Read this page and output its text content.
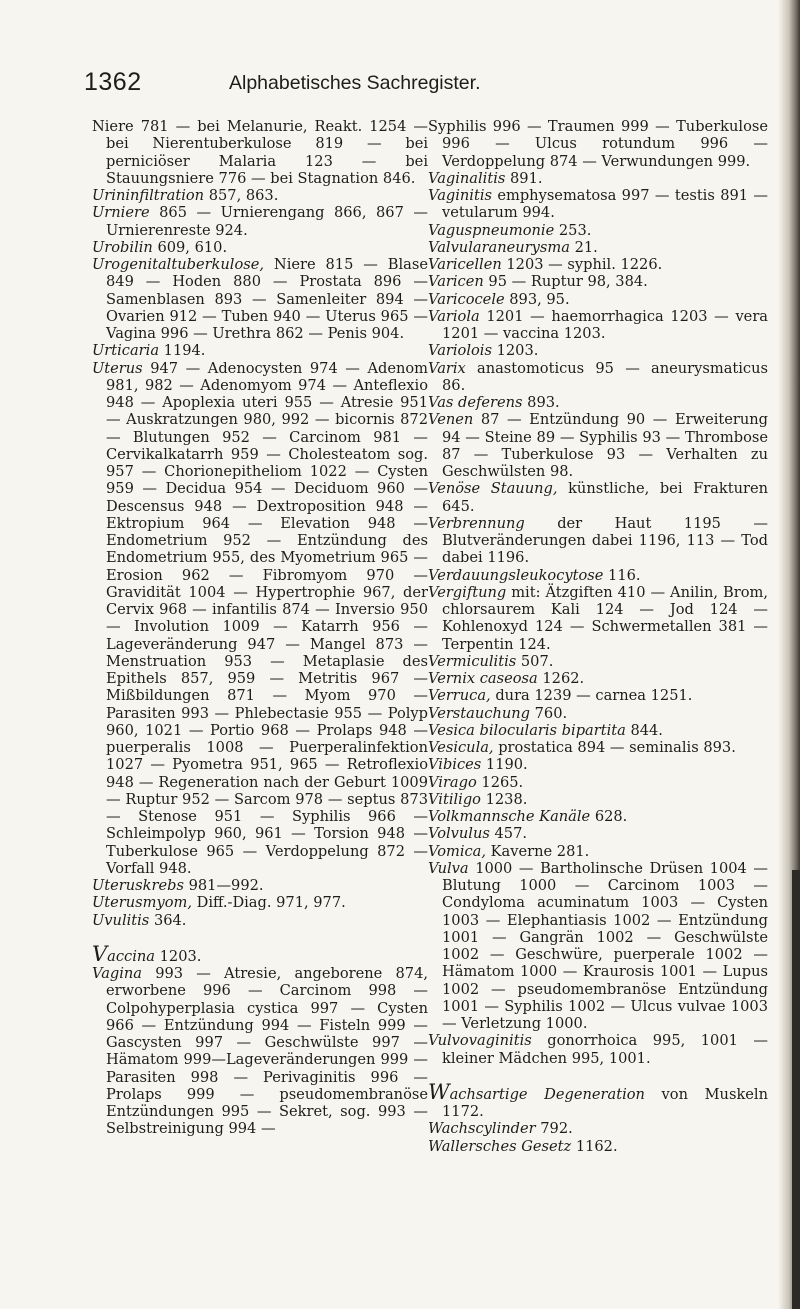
1362	Alphabetisches Sachregister.

Niere 781 — bei Melanurie, Reakt. 1254 — bei Nierentuberkulose 819 — bei perniciöser Malaria 123 — bei Stauungsniere 776 — bei Stagnation 846.

Urininfiltration 857, 863.

Urniere 865 — Urnierengang 866, 867 — Urnierenreste 924.

Urobilin 609, 610.

Urogenitaltuberkulose, Niere 815 — Blase 849 — Hoden 880 — Prostata 896 — Samenblasen 893 — Samenleiter 894 — Ovarien 912 — Tuben 940 — Uterus 965 — Vagina 996 — Urethra 862 — Penis 904.

Urticaria 1194.

Uterus 947 — Adenocysten 974 — Adenom 981, 982 — Adenomyom 974 — Anteflexio 948 — Apoplexia uteri 955 — Atresie 951 — Auskratzungen 980, 992 — bicornis 872 — Blutungen 952 — Carcinom 981 — Cervikalkatarrh 959 — Cholesteatom sog. 957 — Chorionepitheliom 1022 — Cysten 959 — Decidua 954 — Deciduom 960 — Descensus 948 — Dextroposition 948 — Ektropium 964 — Elevation 948 — Endometrium 952 — Entzündung des Endometrium 955, des Myometrium 965 — Erosion 962 — Fibromyom 970 — Gravidität 1004 — Hypertrophie 967, der Cervix 968 — infantilis 874 — Inversio 950 — Involution 1009 — Katarrh 956 — Lageveränderung 947 — Mangel 873 — Menstruation 953 — Metaplasie des Epithels 857, 959 — Metritis 967 — Mißbildungen 871 — Myom 970 — Parasiten 993 — Phlebectasie 955 — Polyp 960, 1021 — Portio 968 — Prolaps 948 — puerperalis 1008 — Puerperalinfektion 1027 — Pyometra 951, 965 — Retroflexio 948 — Regeneration nach der Geburt 1009 — Ruptur 952 — Sarcom 978 — septus 873 — Stenose 951 — Syphilis 966 — Schleimpolyp 960, 961 — Torsion 948 — Tuberkulose 965 — Verdoppelung 872 — Vorfall 948.

Uteruskrebs 981—992.

Uterusmyom, Diff.-Diag. 971, 977.

Uvulitis 364.

Vaccina 1203.

Vagina 993 — Atresie, angeborene 874, erworbene 996 — Carcinom 998 — Colpohyperplasia cystica 997 — Cysten 966 — Entzündung 994 — Fisteln 999 — Gascysten 997 — Geschwülste 997 —Hämatom 999—Lageveränderungen 999 — Parasiten 998 — Perivaginitis 996 — Prolaps 999 — pseudomembranöse Entzündungen 995 — Sekret, sog. 993 — Selbstreinigung 994 —

Syphilis 996 — Traumen 999 — Tuberkulose 996 — Ulcus rotundum 996 — Verdoppelung 874 — Verwundungen 999.

Vaginalitis 891.

Vaginitis emphysematosa 997 — testis 891 — vetularum 994.

Vaguspneumonie 253.

Valvularaneurysma 21.

Varicellen 1203 — syphil. 1226.

Varicen 95 — Ruptur 98, 384.

Varicocele 893, 95.

Variola 1201 — haemorrhagica 1203 — vera 1201 — vaccina 1203.

Variolois 1203.

Varix anastomoticus 95 — aneurysmaticus 86.

Vas deferens 893.

Venen 87 — Entzündung 90 — Erweiterung 94 — Steine 89 — Syphilis 93 — Thrombose 87 — Tuberkulose 93 — Verhalten zu Geschwülsten 98.

Venöse Stauung, künstliche, bei Frakturen 645.

Verbrennung der Haut 1195 — Blutveränderungen dabei 1196, 113 — Tod dabei 1196.

Verdauungsleukocytose 116.

Vergiftung mit: Ätzgiften 410 — Anilin, Brom, chlorsaurem Kali 124 — Jod 124 — Kohlenoxyd 124 — Schwermetallen 381 — Terpentin 124.

Vermiculitis 507.

Vernix caseosa 1262.

Verruca, dura 1239 — carnea 1251.

Verstauchung 760.

Vesica bilocularis bipartita 844.

Vesicula, prostatica 894 — seminalis 893.

Vibices 1190.

Virago 1265.

Vitiligo 1238.

Volkmannsche Kanäle 628.

Volvulus 457.

Vomica, Kaverne 281.

Vulva 1000 — Bartholinsche Drüsen 1004 — Blutung 1000 — Carcinom 1003 — Condyloma acuminatum 1003 — Cysten 1003 — Elephantiasis 1002 — Entzündung 1001 — Gangrän 1002 — Geschwülste 1002 — Geschwüre, puerperale 1002 — Hämatom 1000 — Kraurosis 1001 — Lupus 1002 — pseudomembranöse Entzündung 1001 — Syphilis 1002 — Ulcus vulvae 1003 — Verletzung 1000.

Vulvovaginitis gonorrhoica 995, 1001 — kleiner Mädchen 995, 1001.

Wachsartige Degeneration von Muskeln 1172.

Wachscylinder 792.

Wallersches Gesetz 1162.
